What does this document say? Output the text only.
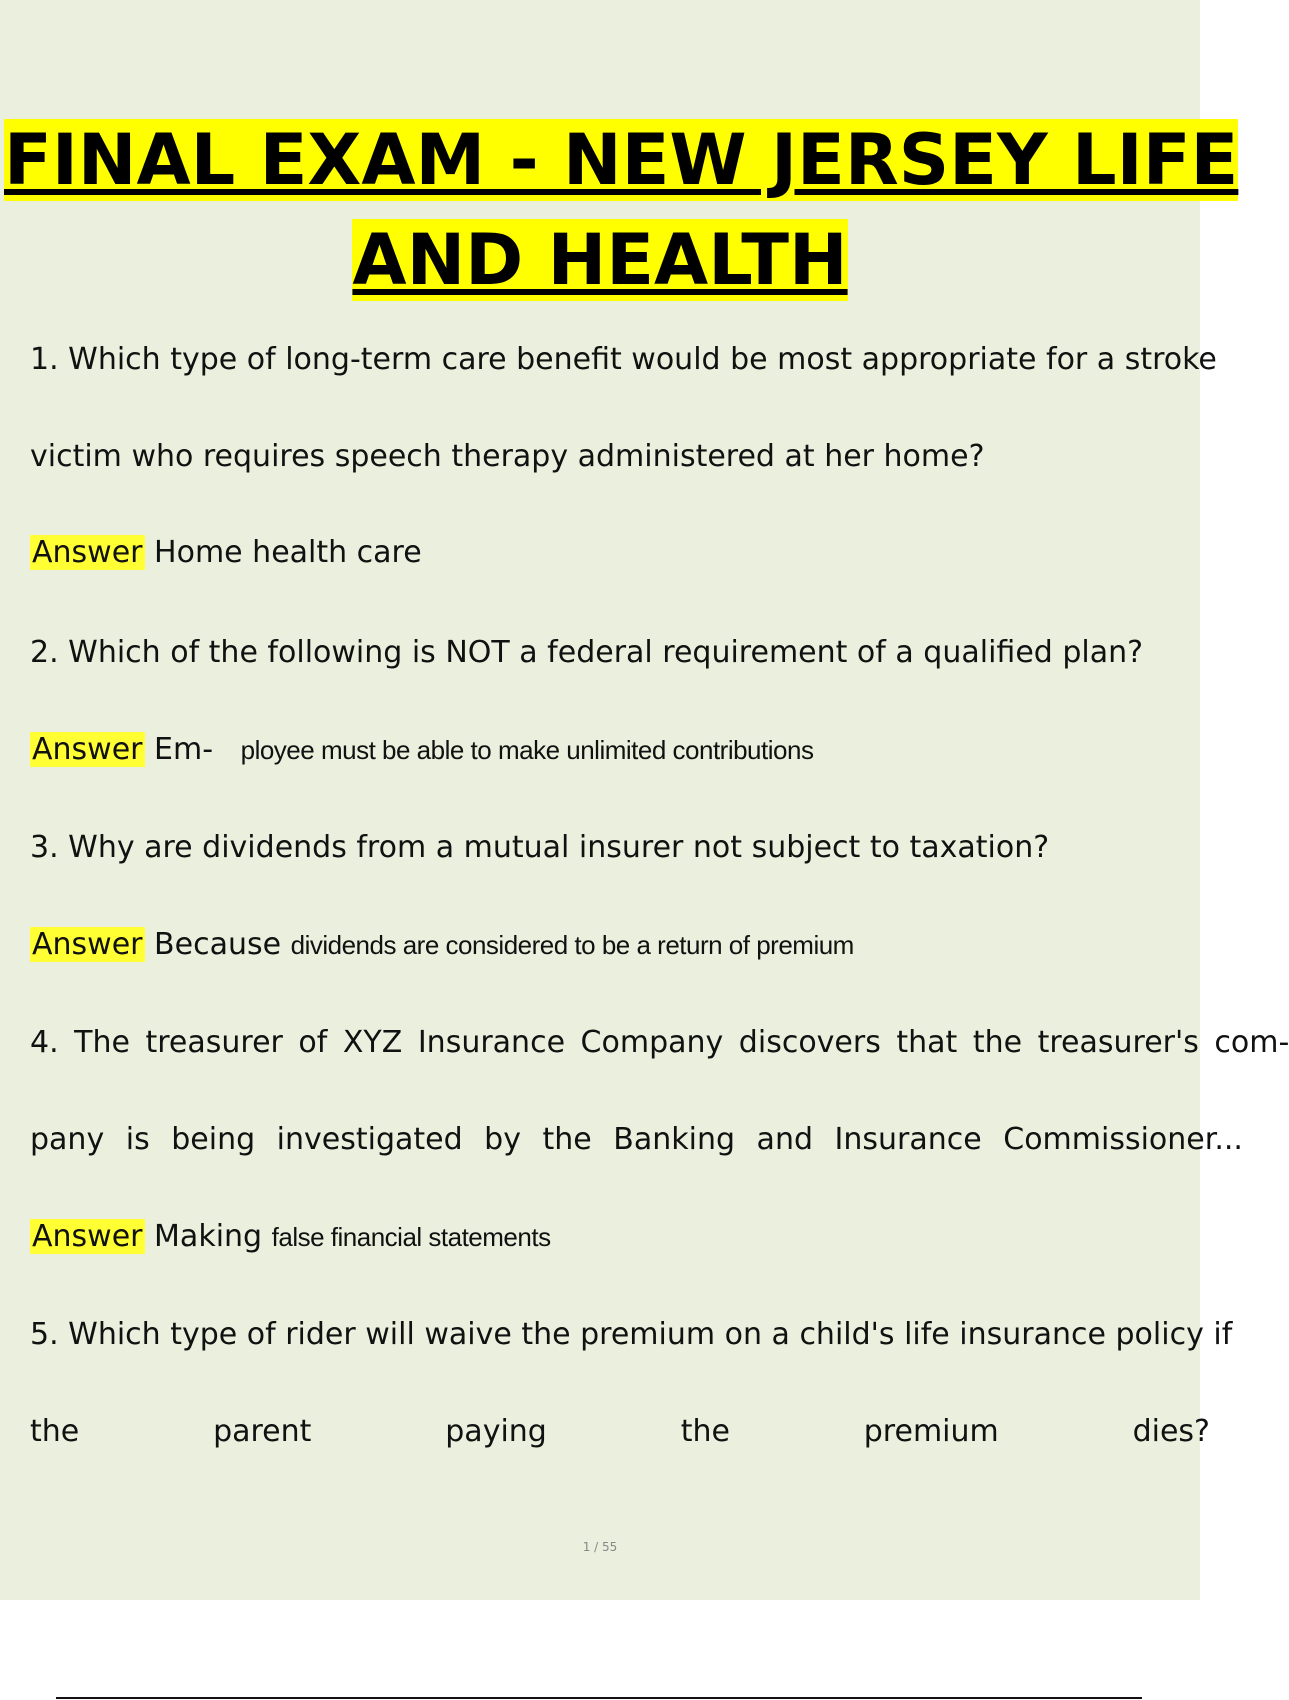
FINAL EXAM - NEW JERSEY LIFE
AND HEALTH
1. Which type of long-term care benefit would be most appropriate for a stroke
victim who requires speech therapy administered at her home?
Answer Home health care
2. Which of the following is NOT a federal requirement of a qualified plan?
Answer Em- ployee must be able to make unlimited contributions
3. Why are dividends from a mutual insurer not subject to taxation?
Answer Because dividends are considered to be a return of premium
4. The treasurer of XYZ Insurance Company discovers that the treasurer's com-
pany is being investigated by the Banking and Insurance Commissioner...
Answer Making false financial statements
5. Which type of rider will waive the premium on a child's life insurance policy if
the	parent	paying	the	premium	dies?
1 / 55
